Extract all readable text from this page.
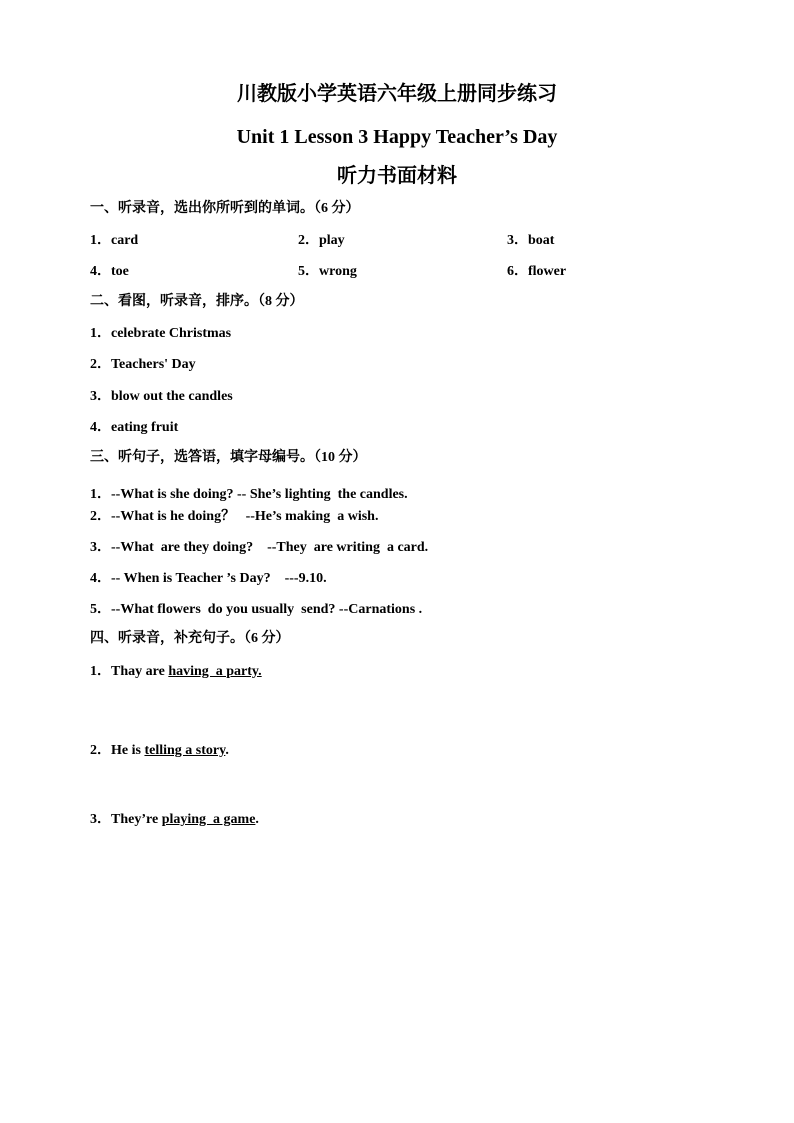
川教版小学英语六年级上册同步练习
Unit 1 Lesson 3 Happy Teacher’s Day
听力书面材料
一、听录音，选出你所听到的单词。（6 分）
1．card	2．play	3．boat
4．toe	5．wrong	6．flower
二、看图，听录音，排序。（8 分）
1．celebrate Christmas
2．Teachers' Day
3．blow out the candles
4．eating fruit
三、听句子，选答语，填字母编号。（10 分）
1．--What is she doing? -- She’s lighting  the candles.
2．--What is he doing？   --He’s making  a wish.
3．--What  are they doing?    --They  are writing  a card.
4．-- When is Teacher ’s Day?    ---9.10.
5．--What flowers  do you usually  send? --Carnations .
四、听录音，补充句子。（6 分）
1．Thay are having  a party.
2．He is telling a story.
3．They’re playing  a game.
